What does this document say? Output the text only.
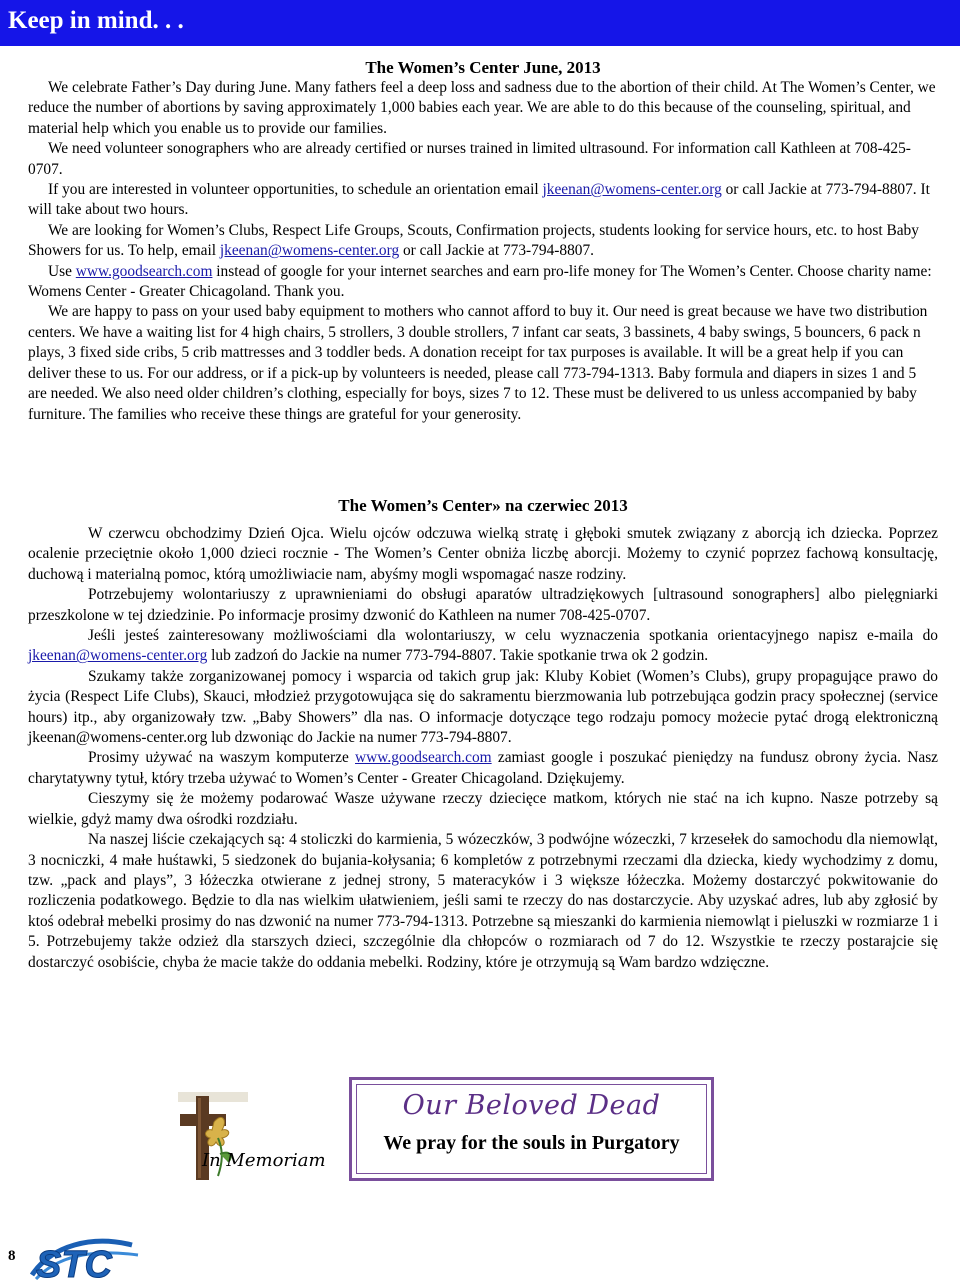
Keep in mind. . .
The Women’s Center June, 2013

We celebrate Father’s Day during June. Many fathers feel a deep loss and sadness due to the abortion of their child. At The Women’s Center, we reduce the number of abortions by saving approximately 1,000 babies each year. We are able to do this because of the counseling, spiritual, and material help which you enable us to provide our families.

We need volunteer sonographers who are already certified or nurses trained in limited ultrasound. For information call Kathleen at 708-425-0707.

If you are interested in volunteer opportunities, to schedule an orientation email jkeenan@womens-center.org or call Jackie at 773-794-8807. It will take about two hours.

We are looking for Women’s Clubs, Respect Life Groups, Scouts, Confirmation projects, students looking for service hours, etc. to host Baby Showers for us. To help, email jkeenan@womens-center.org or call Jackie at 773-794-8807.

Use www.goodsearch.com instead of google for your internet searches and earn pro-life money for The Women’s Center. Choose charity name: Womens Center - Greater Chicagoland. Thank you.

We are happy to pass on your used baby equipment to mothers who cannot afford to buy it. Our need is great because we have two distribution centers. We have a waiting list for 4 high chairs, 5 strollers, 3 double strollers, 7 infant car seats, 3 bassinets, 4 baby swings, 5 bouncers, 6 pack n plays, 3 fixed side cribs, 5 crib mattresses and 3 toddler beds. A donation receipt for tax purposes is available. It will be a great help if you can deliver these to us. For our address, or if a pick-up by volunteers is needed, please call 773-794-1313. Baby formula and diapers in sizes 1 and 5 are needed. We also need older children’s clothing, especially for boys, sizes 7 to 12. These must be delivered to us unless accompanied by baby furniture. The families who receive these things are grateful for your generosity.

The Women’s Center» na czerwiec 2013

W czerwcu obchodzimy Dzień Ojca. Wielu ojców odczuwa wielką stratę i głęboki smutek związany z aborcją ich dziecka. Poprzez ocalenie przeciętnie około 1,000 dzieci rocznie - The Women’s Center obniża liczbę aborcji. Możemy to czynić poprzez fachową konsultację, duchową i materialną pomoc, którą umożliwiacie nam, abyśmy mogli wspomagać nasze rodziny.

Potrzebujemy wolontariuszy z uprawnieniami do obsługi aparatów ultradziękowych [ultrasound sonographers] albo pielęgniarki przeszkolone w tej dziedzinie. Po informacje prosimy dzwonić do Kathleen na numer 708-425-0707.

Jeśli jesteś zainteresowany możliwościami dla wolontariuszy, w celu wyznaczenia spotkania orientacyjnego napisz e-maila do jkeenan@womens-center.org lub zadzoń do Jackie na numer 773-794-8807. Takie spotkanie trwa ok 2 godzin.

Szukamy także zorganizowanej pomocy i wsparcia od takich grup jak: Kluby Kobiet (Women’s Clubs), grupy propagujące prawo do życia (Respect Life Clubs), Skauci, młodzież przygotowująca się do sakramentu bierzmowania lub potrzebująca godzin pracy społecznej (service hours) itp., aby organizowały tzw. „Baby Showers” dla nas. O informacje dotyczące tego rodzaju pomocy możecie pytać drogą elektroniczną jkeenan@womens-center.org lub dzwoniąc do Jackie na numer 773-794-8807.

Prosimy używać na waszym komputerze www.goodsearch.com zamiast google i poszukać pieniędzy na fundusz obrony życia. Nasz charytatywny tytuł, który trzeba używać to Women’s Center - Greater Chicagoland. Dziękujemy.

Cieszymy się że możemy podarować Wasze używane rzeczy dziecięce matkom, których nie stać na ich kupno. Nasze potrzeby są wielkie, gdyż mamy dwa ośrodki rozdziału.

Na naszej liście czekających są: 4 stoliczki do karmienia, 5 wózeczków, 3 podwójne wózeczki, 7 krzesełek do samochodu dla niemowląt, 3 nocniczki, 4 małe huśtawki, 5 siedzonek do bujania-kołysania; 6 kompletów z potrzebnymi rzeczami dla dziecka, kiedy wychodzimy z domu, tzw. „pack and plays”, 3 łóżeczka otwierane z jednej strony, 5 materacyków i 3 większe łóżeczka. Możemy dostarczyć pokwitowanie do rozliczenia podatkowego. Będzie to dla nas wielkim ułatwieniem, jeśli sami te rzeczy do nas dostarczycie. Aby uzyskać adres, lub aby zgłosić by ktoś odebrał mebelki prosimy do nas dzwonić na numer 773-794-1313. Potrzebne są mieszanki do karmienia niemowląt i pieluszki w rozmiarze 1 i 5. Potrzebujemy także odzież dla starszych dzieci, szczególnie dla chłopców o rozmiarach od 7 do 12. Wszystkie te rzeczy postarajcie się dostarczyć osobiście, chyba że macie także do oddania mebelki. Rodziny, które je otrzymują są Wam bardzo wdzięczne.

In Memoriam
Our Beloved Dead
We pray for the souls in Purgatory
8 STC
